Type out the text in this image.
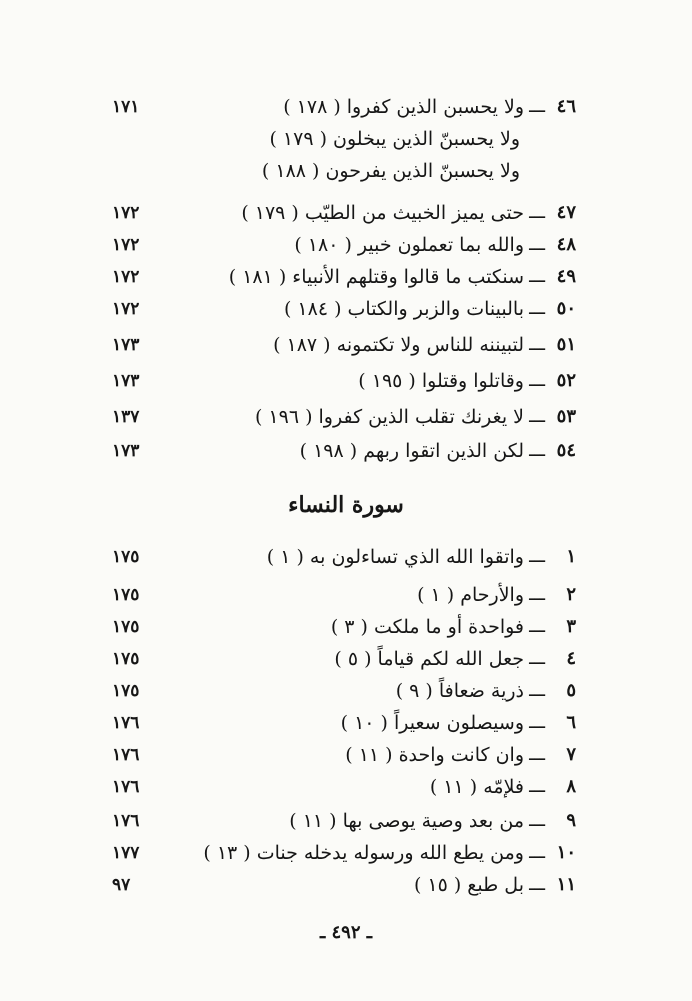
٤٦
ـــ
ولا يحسبن الذين كفروا ( ١٧٨ )
١٧١
ولا يحسبنّ الذين يبخلون ( ١٧٩ )
ولا يحسبنّ الذين يفرحون ( ١٨٨ )
٤٧
ـــ
حتى يميز الخبيث من الطيّب ( ١٧٩ )
١٧٢
٤٨
ـــ
والله بما تعملون خبير ( ١٨٠ )
١٧٢
٤٩
ـــ
سنكتب ما قالوا وقتلهم الأنبياء ( ١٨١ )
١٧٢
٥٠
ـــ
بالبينات والزبر والكتاب ( ١٨٤ )
١٧٢
٥١
ـــ
لتبيننه للناس ولا تكتمونه ( ١٨٧ )
١٧٣
٥٢
ـــ
وقاتلوا وقتلوا ( ١٩٥ )
١٧٣
٥٣
ـــ
لا يغرنك تقلب الذين كفروا ( ١٩٦ )
١٣٧
٥٤
ـــ
لكن الذين اتقوا ربهم ( ١٩٨ )
١٧٣
سورة النساء
١
ـــ
واتقوا الله الذي تساءلون به ( ١ )
١٧٥
٢
ـــ
والأرحام ( ١ )
١٧٥
٣
ـــ
فواحدة أو ما ملكت ( ٣ )
١٧٥
٤
ـــ
جعل الله لكم قياماً ( ٥ )
١٧٥
٥
ـــ
ذرية ضعافاً ( ٩ )
١٧٥
٦
ـــ
وسيصلون سعيراً ( ١٠ )
١٧٦
٧
ـــ
وان كانت واحدة ( ١١ )
١٧٦
٨
ـــ
فلإمّه ( ١١ )
١٧٦
٩
ـــ
من بعد وصية يوصى بها ( ١١ )
١٧٦
١٠
ـــ
ومن يطع الله ورسوله يدخله جنات ( ١٣ )
١٧٧
١١
ـــ
بل طبع ( ١٥ )
٩٧
ـ ٤٩٢ ـ
